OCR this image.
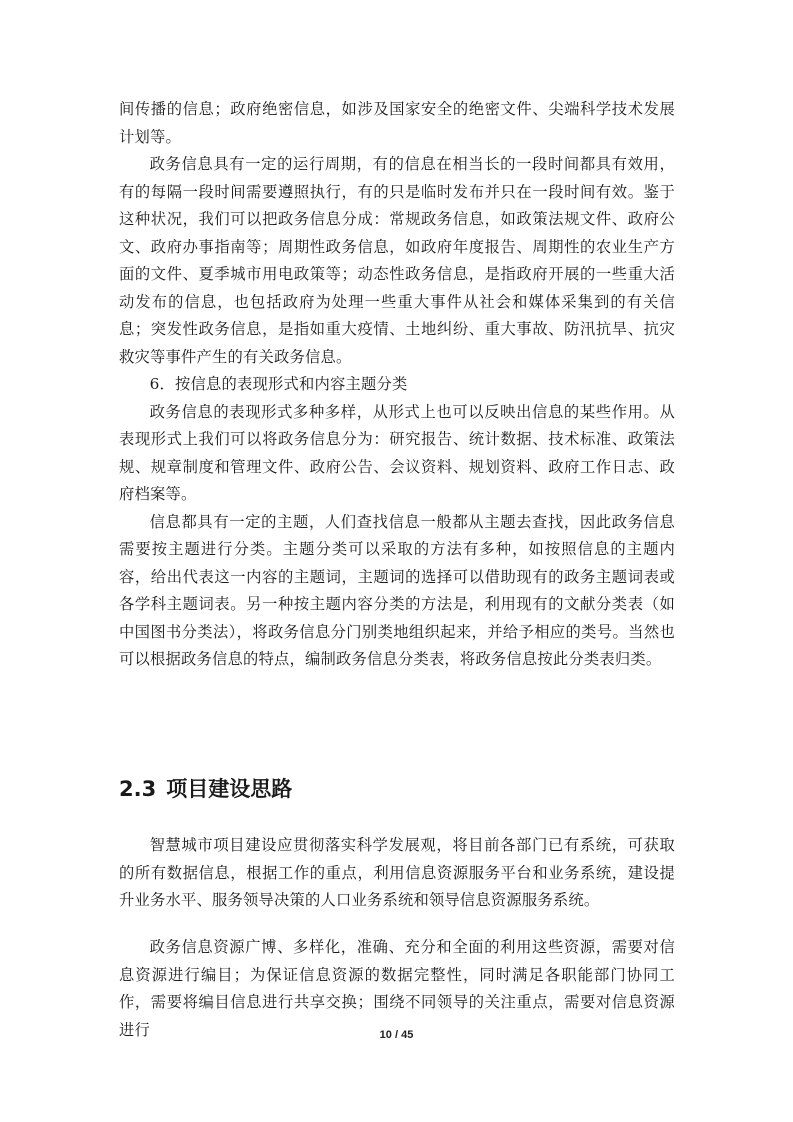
间传播的信息；政府绝密信息，如涉及国家安全的绝密文件、尖端科学技术发展计划等。

政务信息具有一定的运行周期，有的信息在相当长的一段时间都具有效用，有的每隔一段时间需要遵照执行，有的只是临时发布并只在一段时间有效。鉴于这种状况，我们可以把政务信息分成：常规政务信息，如政策法规文件、政府公文、政府办事指南等；周期性政务信息，如政府年度报告、周期性的农业生产方面的文件、夏季城市用电政策等；动态性政务信息，是指政府开展的一些重大活动发布的信息，也包括政府为处理一些重大事件从社会和媒体采集到的有关信息；突发性政务信息，是指如重大疫情、土地纠纷、重大事故、防汛抗旱、抗灾救灾等事件产生的有关政务信息。

6．按信息的表现形式和内容主题分类

政务信息的表现形式多种多样，从形式上也可以反映出信息的某些作用。从表现形式上我们可以将政务信息分为：研究报告、统计数据、技术标准、政策法规、规章制度和管理文件、政府公告、会议资料、规划资料、政府工作日志、政府档案等。

信息都具有一定的主题，人们查找信息一般都从主题去查找，因此政务信息需要按主题进行分类。主题分类可以采取的方法有多种，如按照信息的主题内容，给出代表这一内容的主题词，主题词的选择可以借助现有的政务主题词表或各学科主题词表。另一种按主题内容分类的方法是，利用现有的文献分类表（如中国图书分类法），将政务信息分门别类地组织起来，并给予相应的类号。当然也可以根据政务信息的特点，编制政务信息分类表，将政务信息按此分类表归类。

2.3 项目建设思路

智慧城市项目建设应贯彻落实科学发展观，将目前各部门已有系统，可获取的所有数据信息，根据工作的重点，利用信息资源服务平台和业务系统，建设提升业务水平、服务领导决策的人口业务系统和领导信息资源服务系统。

政务信息资源广博、多样化，准确、充分和全面的利用这些资源，需要对信息资源进行编目；为保证信息资源的数据完整性，同时满足各职能部门协同工作，需要将编目信息进行共享交换；围绕不同领导的关注重点，需要对信息资源进行	10 / 45
